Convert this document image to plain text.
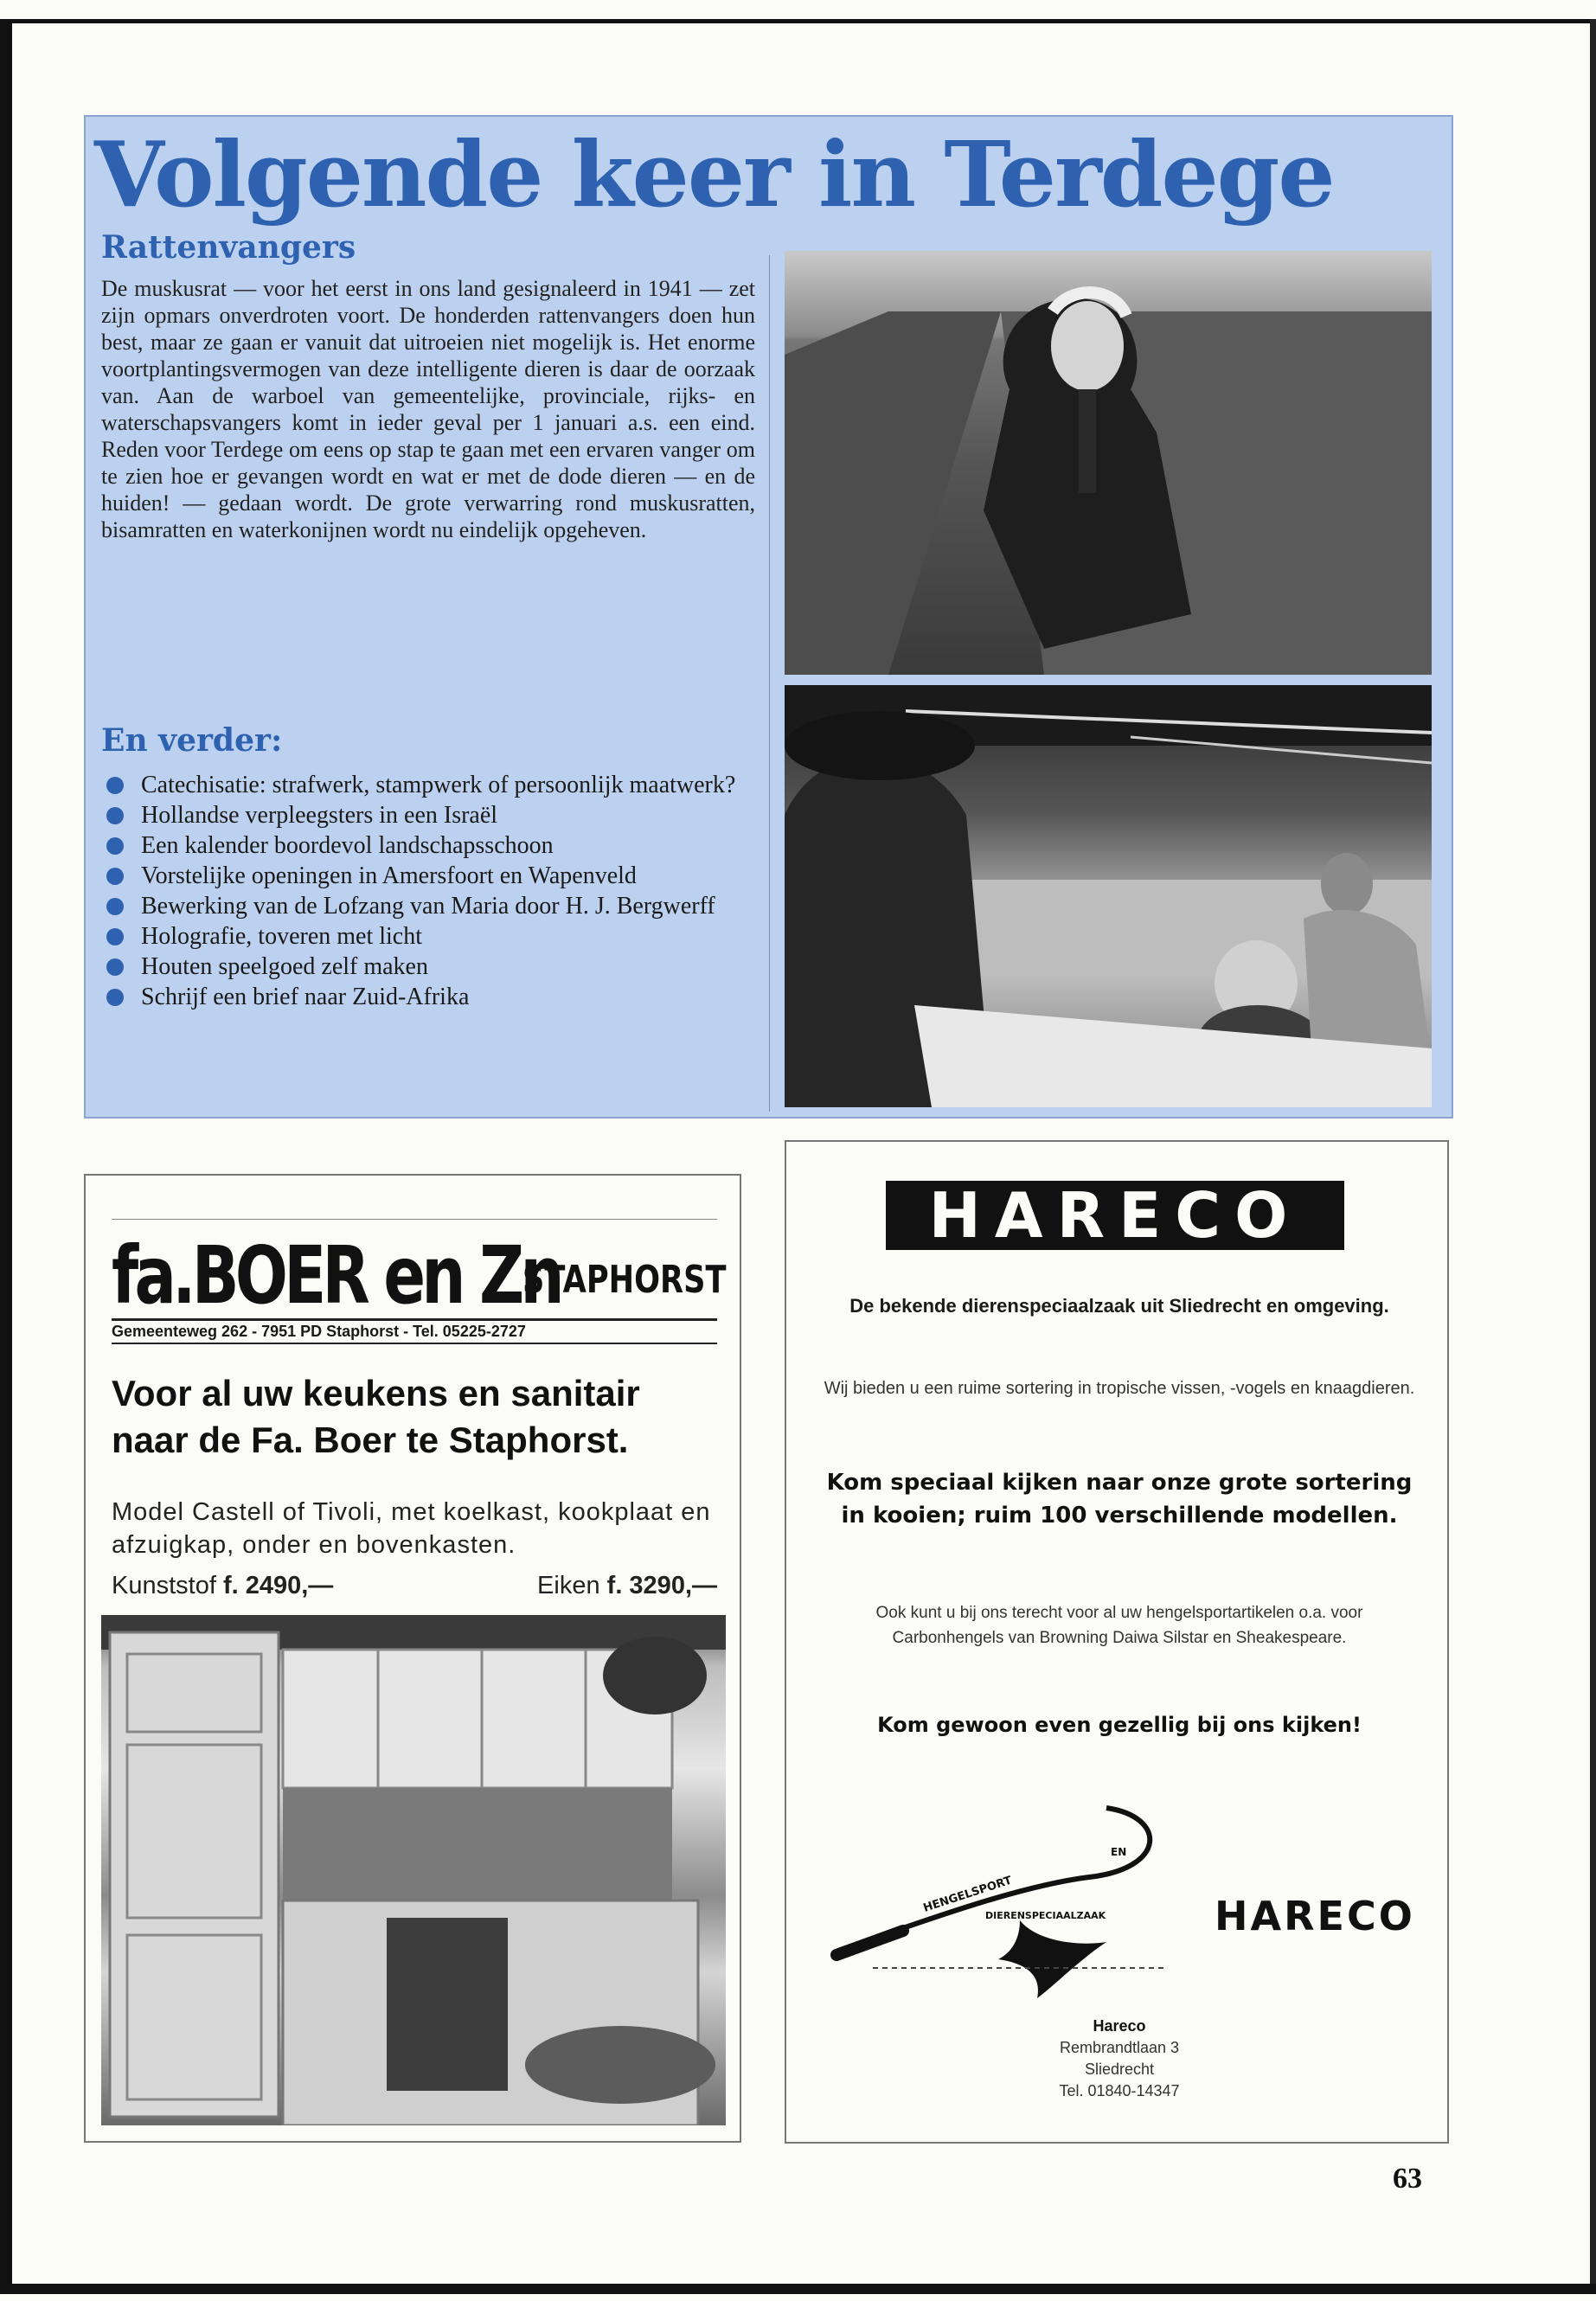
Volgende keer in Terdege
Rattenvangers

De muskusrat — voor het eerst in ons land gesignaleerd in 1941 — zet zijn opmars onverdroten voort. De honderden rattenvangers doen hun best, maar ze gaan er vanuit dat uitroeien niet mogelijk is. Het enorme voortplantingsvermogen van deze intelligente dieren is daar de oorzaak van. Aan de warboel van gemeentelijke, provinciale, rijks- en waterschapsvangers komt in ieder geval per 1 januari a.s. een eind. Reden voor Terdege om eens op stap te gaan met een ervaren vanger om te zien hoe er gevangen wordt en wat er met de dode dieren — en de huiden! — gedaan wordt. De grote verwarring rond muskusratten, bisamratten en waterkonijnen wordt nu eindelijk opgeheven.

En verder:
Catechisatie: strafwerk, stampwerk of persoonlijk maatwerk?
Hollandse verpleegsters in een Israël
Een kalender boordevol landschapsschoon
Vorstelijke openingen in Amersfoort en Wapenveld
Bewerking van de Lofzang van Maria door H. J. Bergwerff
Holografie, toveren met licht
Houten speelgoed zelf maken
Schrijf een brief naar Zuid-Afrika
fa.BOER en Zn
STAPHORST
Gemeenteweg 262 - 7951 PD Staphorst - Tel. 05225-2727

Voor al uw keukens en sanitair naar de Fa. Boer te Staphorst.

Model Castell of Tivoli, met koelkast, kookplaat en afzuigkap, onder en bovenkasten.

Kunststof f. 2490,—	Eiken f. 3290,—
HARECO

De bekende dierenspeciaalzaak uit Sliedrecht en omgeving.

Wij bieden u een ruime sortering in tropische vissen, -vogels en knaagdieren.

Kom speciaal kijken naar onze grote sortering in kooien; ruim 100 verschillende modellen.

Ook kunt u bij ons terecht voor al uw hengelsportartikelen o.a. voor Carbonhengels van Browning Daiwa Silstar en Sheakespeare.

Kom gewoon even gezellig bij ons kijken!

HENGELSPORT
EN
DIERENSPECIAALZAAK	HARECO
Hareco
Rembrandtlaan 3
Sliedrecht
Tel. 01840-14347
63
